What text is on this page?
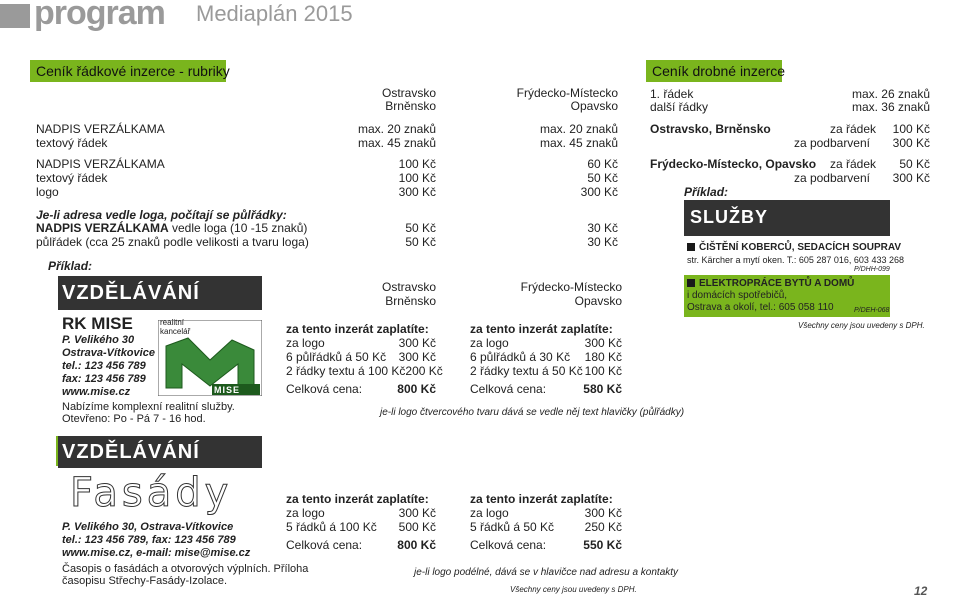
program Mediaplán 2015
Ceník řádkové inzerce - rubriky
Ostravsko
Brněnsko
Frýdecko-Místecko
Opavsko
NADPIS VERZÁLKAMA	max. 20 znaků	max. 20 znaků
textový řádek	max. 45 znaků	max. 45 znaků
NADPIS VERZÁLKAMA	100 Kč	60 Kč
textový řádek	100 Kč	50 Kč
logo	300 Kč	300 Kč
Je-li adresa vedle loga, počítají se půlřádky:
NADPIS VERZÁLKAMA vedle loga (10 -15 znaků)	50 Kč	30 Kč
půlřádek (cca 25 znaků podle velikosti a tvaru loga)	50 Kč	30 Kč
Příklad:
VZDĚLÁVÁNÍ
RK MISE
P. Velikého 30
Ostrava-Vítkovice
tel.: 123 456 789
fax: 123 456 789
www.mise.cz
realitní kancelář
MISE
Nabízíme komplexní realitní služby.
Otevřeno: Po - Pá 7 - 16 hod.
Ostravsko
Brněnsko
Frýdecko-Místecko
Opavsko
za tento inzerát zaplatíte:	za tento inzerát zaplatíte:
za logo	300 Kč
6 půlřádků á 50 Kč 300 Kč
2 řádky textu á 100 Kč 200 Kč
za logo	300 Kč
6 půlřádků á 30 Kč 180 Kč
2 řádky textu á 50 Kč 100 Kč
Celková cena:	800 Kč	Celková cena:	580 Kč
je-li logo čtvercového tvaru dává se vedle něj text hlavičky (půlřádky)
VZDĚLÁVÁNÍ
Fasády
P. Velikého 30, Ostrava-Vítkovice
tel.: 123 456 789, fax: 123 456 789
www.mise.cz, e-mail: mise@mise.cz
Časopis o fasádách a otvorových výplních. Příloha
časopisu Střechy-Fasády-Izolace.
za tento inzerát zaplatíte:	za tento inzerát zaplatíte:
za logo	300 Kč
5 řádků á 100 Kč 500 Kč
za logo	300 Kč
5 řádků á 50 Kč	250 Kč
Celková cena:	800 Kč	Celková cena:	550 Kč
je-li logo podélné, dává se v hlavičce nad adresu a kontakty
Všechny ceny jsou uvedeny s DPH.
Ceník drobné inzerce
1. řádek	max. 26 znaků
další řádky	max. 36 znaků
Ostravsko, Brněnsko	za řádek	100 Kč
za podbarvení	300 Kč
Frýdecko-Místecko, Opavsko za řádek	50 Kč
za podbarvení	300 Kč
Příklad:
SLUŽBY
ČIŠTĚNÍ KOBERCŮ, SEDACÍCH SOUPRAV
str. Kärcher a mytí oken. T.: 605 287 016, 603 433 268
P/DHH-099
ELEKTROPRÁCE BYTŮ A DOMŮ
i domácích spotřebičů,
Ostrava a okolí, tel.: 605 058 110	P/DEH-068
Všechny ceny jsou uvedeny s DPH.
12
